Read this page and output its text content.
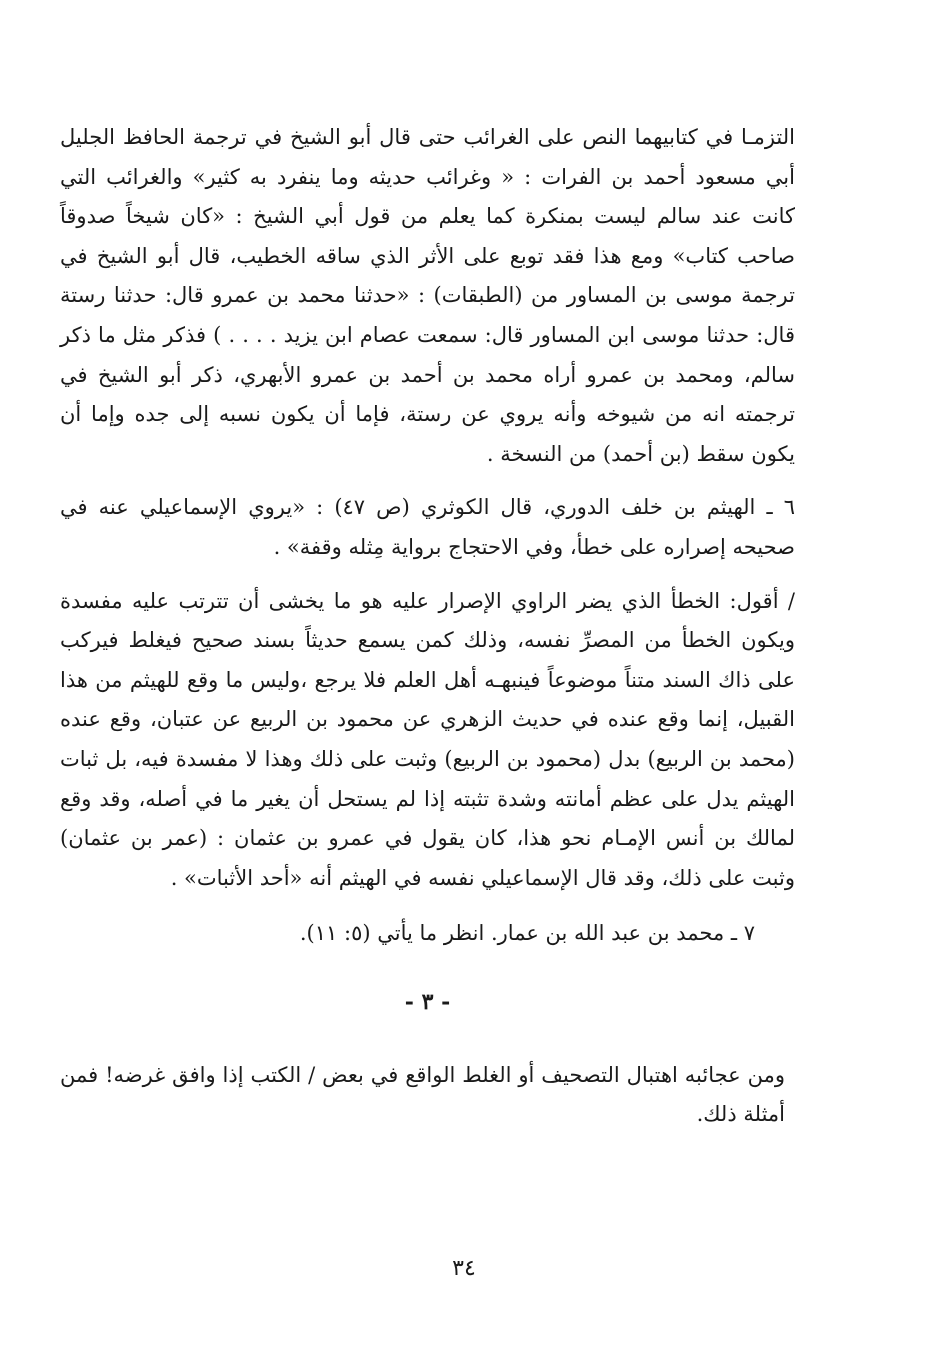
التزمـا في كتابيهما النص على الغرائب حتى قال أبو الشيخ في ترجمة الحافظ الجليل أبي مسعود أحمد بن الفرات : « وغرائب حديثه وما ينفرد به كثير» والغرائب التي كانت عند سالم ليست بمنكرة كما يعلم من قول أبي الشيخ : «كان شيخاً صدوقاً صاحب كتاب» ومع هذا فقد توبع على الأثر الذي ساقه الخطيب، قال أبو الشيخ في ترجمة موسى بن المساور من (الطبقات) : «حدثنا محمد بن عمرو قال: حدثنا رستة قال: حدثنا موسى ابن المساور قال: سمعت عصام ابن يزيد . . . . ) فذكر مثل ما ذكر سالم، ومحمد بن عمرو أراه محمد بن أحمد بن عمرو الأبهري، ذكر أبو الشيخ في ترجمته انه من شيوخه وأنه يروي عن رستة، فإما أن يكون نسبه إلى جده وإما أن يكون سقط (بن أحمد) من النسخة .

٦ ـ الهيثم بن خلف الدوري، قال الكوثري (ص ٤٧) : «يروي الإسماعيلي عنه في صحيحه إصراره على خطأ، وفي الاحتجاج برواية مِثله وقفة» .

/ أقول: الخطأ الذي يضر الراوي الإصرار عليه هو ما يخشى أن تترتب عليه مفسدة ويكون الخطأ من المصرِّ نفسه، وذلك كمن يسمع حديثاً بسند صحيح فيغلط فيركب على ذاك السند متناً موضوعاً فينبهـه أهل العلم فلا يرجع ،وليس ما وقع للهيثم من هذا القبيل، إنما وقع عنده في حديث الزهري عن محمود بن الربيع عن عتبان، وقع عنده (محمد بن الربيع) بدل (محمود بن الربيع) وثبت على ذلك وهذا لا مفسدة فيه، بل ثبات الهيثم يدل على عظم أمانته وشدة تثبته إذا لم يستحل أن يغير ما في أصله، وقد وقع لمالك بن أنس الإمـام نحو هذا، كان يقول في عمرو بن عثمان : (عمر بن عثمان) وثبت على ذلك، وقد قال الإسماعيلي نفسه في الهيثم أنه «أحد الأثبات» .

٧ ـ محمد بن عبد الله بن عمار. انظر ما يأتي (٥: ١١).

- ٣ -

ومن عجائبه اهتبال التصحيف أو الغلط الواقع في بعض / الكتب إذا وافق غرضه! فمن أمثلة ذلك.

٣٤
